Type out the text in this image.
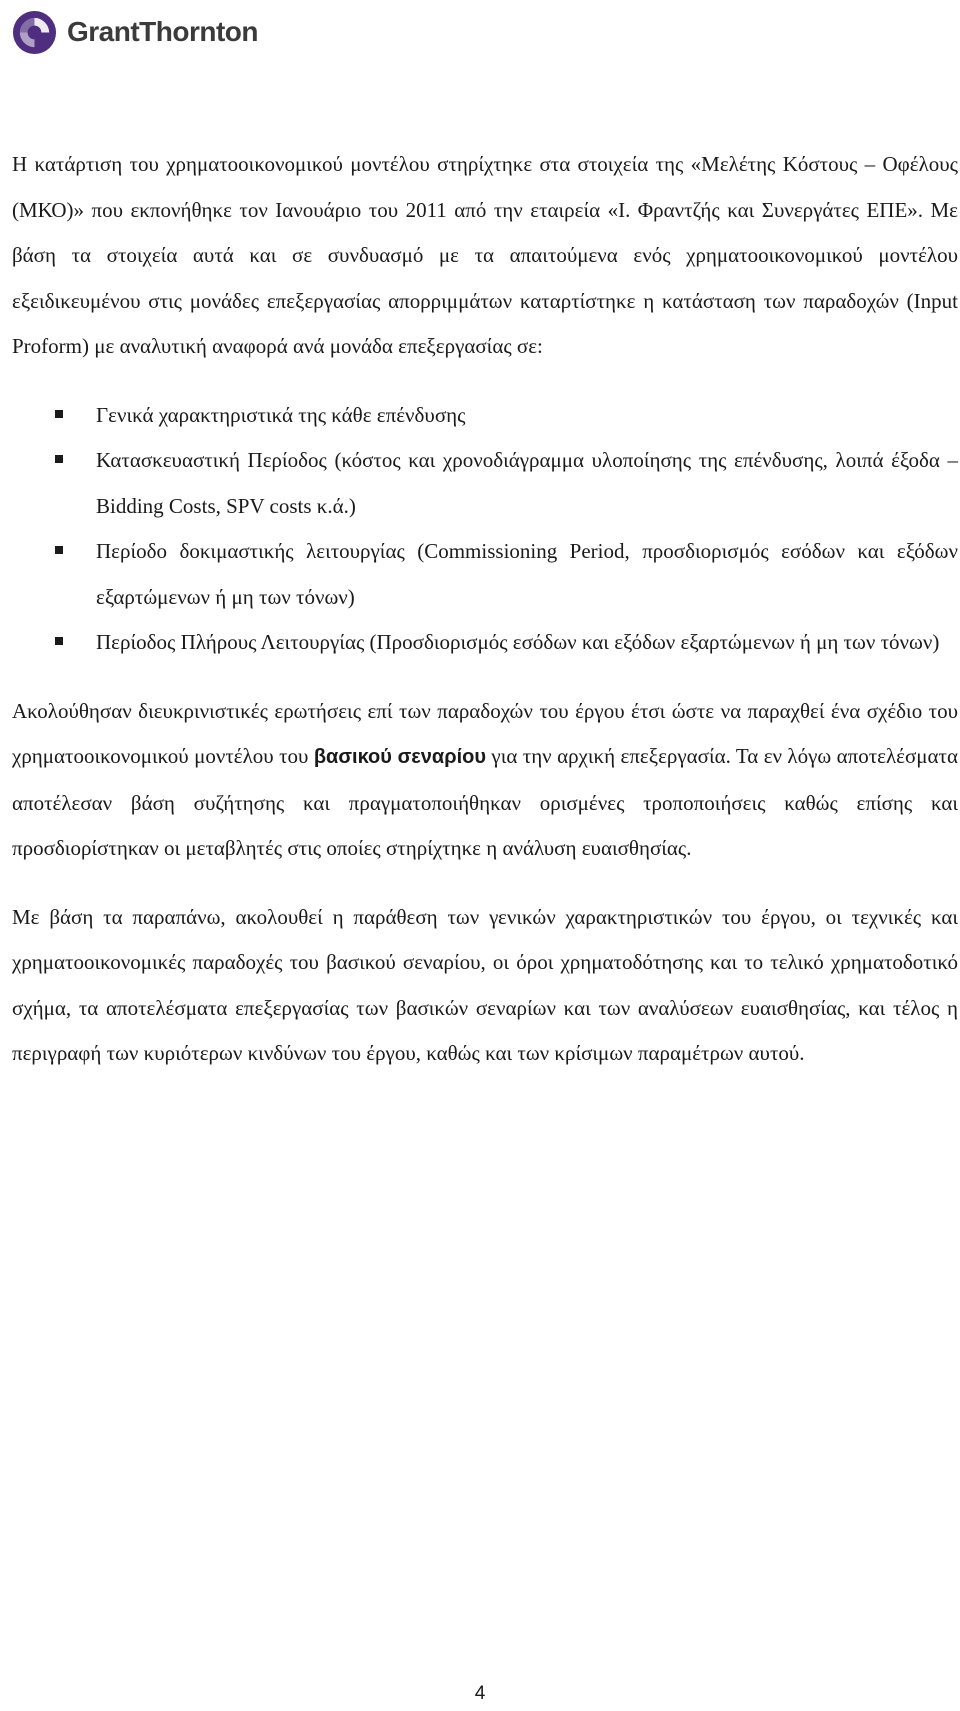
GrantThornton

Η κατάρτιση του χρηματοοικονομικού μοντέλου στηρίχτηκε στα στοιχεία της «Μελέτης Κόστους – Οφέλους (ΜΚΟ)» που εκπονήθηκε τον Ιανουάριο του 2011 από την εταιρεία «Ι. Φραντζής και Συνεργάτες ΕΠΕ». Με βάση τα στοιχεία αυτά και σε συνδυασμό με τα απαιτούμενα ενός χρηματοοικονομικού μοντέλου εξειδικευμένου στις μονάδες επεξεργασίας απορριμμάτων καταρτίστηκε η κατάσταση των παραδοχών (Input Proform) με αναλυτική αναφορά ανά μονάδα επεξεργασίας σε:

Γενικά χαρακτηριστικά της κάθε επένδυσης
Κατασκευαστική Περίοδος (κόστος και χρονοδιάγραμμα υλοποίησης της επένδυσης, λοιπά έξοδα – Bidding Costs, SPV costs κ.ά.)
Περίοδο δοκιμαστικής λειτουργίας (Commissioning Period, προσδιορισμός εσόδων και εξόδων εξαρτώμενων ή μη των τόνων)
Περίοδος Πλήρους Λειτουργίας (Προσδιορισμός εσόδων και εξόδων εξαρτώμενων ή μη των τόνων)

Ακολούθησαν διευκρινιστικές ερωτήσεις επί των παραδοχών του έργου έτσι ώστε να παραχθεί ένα σχέδιο του χρηματοοικονομικού μοντέλου του βασικού σεναρίου για την αρχική επεξεργασία. Τα εν λόγω αποτελέσματα αποτέλεσαν βάση συζήτησης και πραγματοποιήθηκαν ορισμένες τροποποιήσεις καθώς επίσης και προσδιορίστηκαν οι μεταβλητές στις οποίες στηρίχτηκε η ανάλυση ευαισθησίας.

Με βάση τα παραπάνω, ακολουθεί η παράθεση των γενικών χαρακτηριστικών του έργου, οι τεχνικές και χρηματοοικονομικές παραδοχές του βασικού σεναρίου, οι όροι χρηματοδότησης και το τελικό χρηματοδοτικό σχήμα, τα αποτελέσματα επεξεργασίας των βασικών σεναρίων και των αναλύσεων ευαισθησίας, και τέλος η περιγραφή των κυριότερων κινδύνων του έργου, καθώς και των κρίσιμων παραμέτρων αυτού.

4
